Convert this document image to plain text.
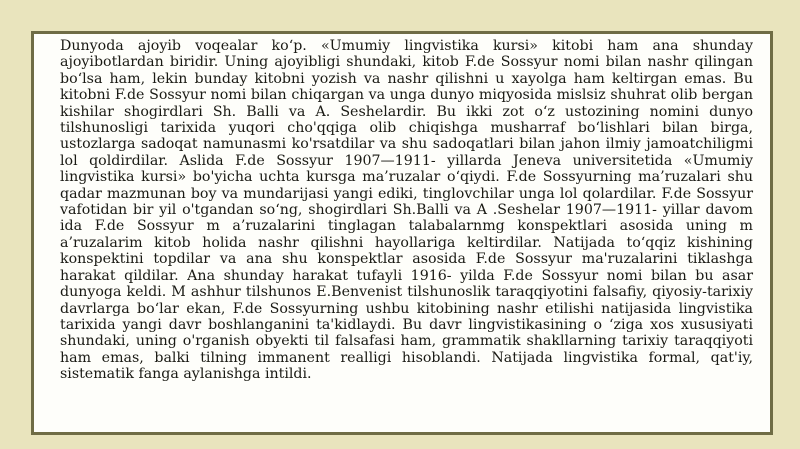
Dunyoda ajoyib voqealar ko‘p. «Umumiy lingvistika kursi» kitobi ham ana shunday ajoyibotlardan biridir. Uning ajoyibligi shundaki, kitob F.de Sossyur nomi bilan nashr qilingan bo‘lsa ham, lekin bunday kitobni yozish va nashr qilishni u xayolga ham keltirgan emas. Bu kitobni F.de Sossyur nomi bilan chiqargan va unga dunyo miqyosida mislsiz shuhrat olib bergan kishilar shogirdlari Sh. Balli va A. Seshelardir. Bu ikki zot o‘z ustozining nomini dunyo tilshunosligi tarixida yuqori cho'qqiga olib chiqishga musharraf bo‘lishlari bilan birga, ustozlarga sadoqat namunasmi ko'rsatdilar va shu sadoqatlari bilan jahon ilmiy jamoatchiligmi lol qoldirdilar. Aslida F.de Sossyur 1907—1911- yillarda Jeneva universitetida «Umumiy lingvistika kursi» bo'yicha uchta kursga ma’ruzalar o‘qiydi. F.de Sossyurning ma’ruzalari shu qadar mazmunan boy va mundarijasi yangi ediki, tinglovchilar unga lol qolardilar. F.de Sossyur vafotidan bir yil o'tgandan so‘ng, shogirdlari Sh.Balli va A .Seshelar 1907—1911- yillar davom ida F.de Sossyur m a’ruzalarini tinglagan talabalarnmg konspektlari asosida uning m a’ruzalarim kitob holida nashr qilishni hayollariga keltirdilar. Natijada to‘qqiz kishining konspektini topdilar va ana shu konspektlar asosida F.de Sossyur ma'ruzalarini tiklashga harakat qildilar. Ana shunday harakat tufayli 1916- yilda F.de Sossyur nomi bilan bu asar dunyoga keldi. M ashhur tilshunos E.Benvenist tilshunoslik taraqqiyotini falsafiy, qiyosiy-tarixiy davrlarga bo‘lar ekan, F.de Sossyurning ushbu kitobining nashr etilishi natijasida lingvistika tarixida yangi davr boshlanganini ta'kidlaydi. Bu davr lingvistikasining o ‘ziga xos xususiyati shundaki, uning o'rganish obyekti til falsafasi ham, grammatik shakllarning tarixiy taraqqiyoti ham emas, balki tilning immanent realligi hisoblandi. Natijada lingvistika formal, qat'iy, sistematik fanga aylanishga intildi.
